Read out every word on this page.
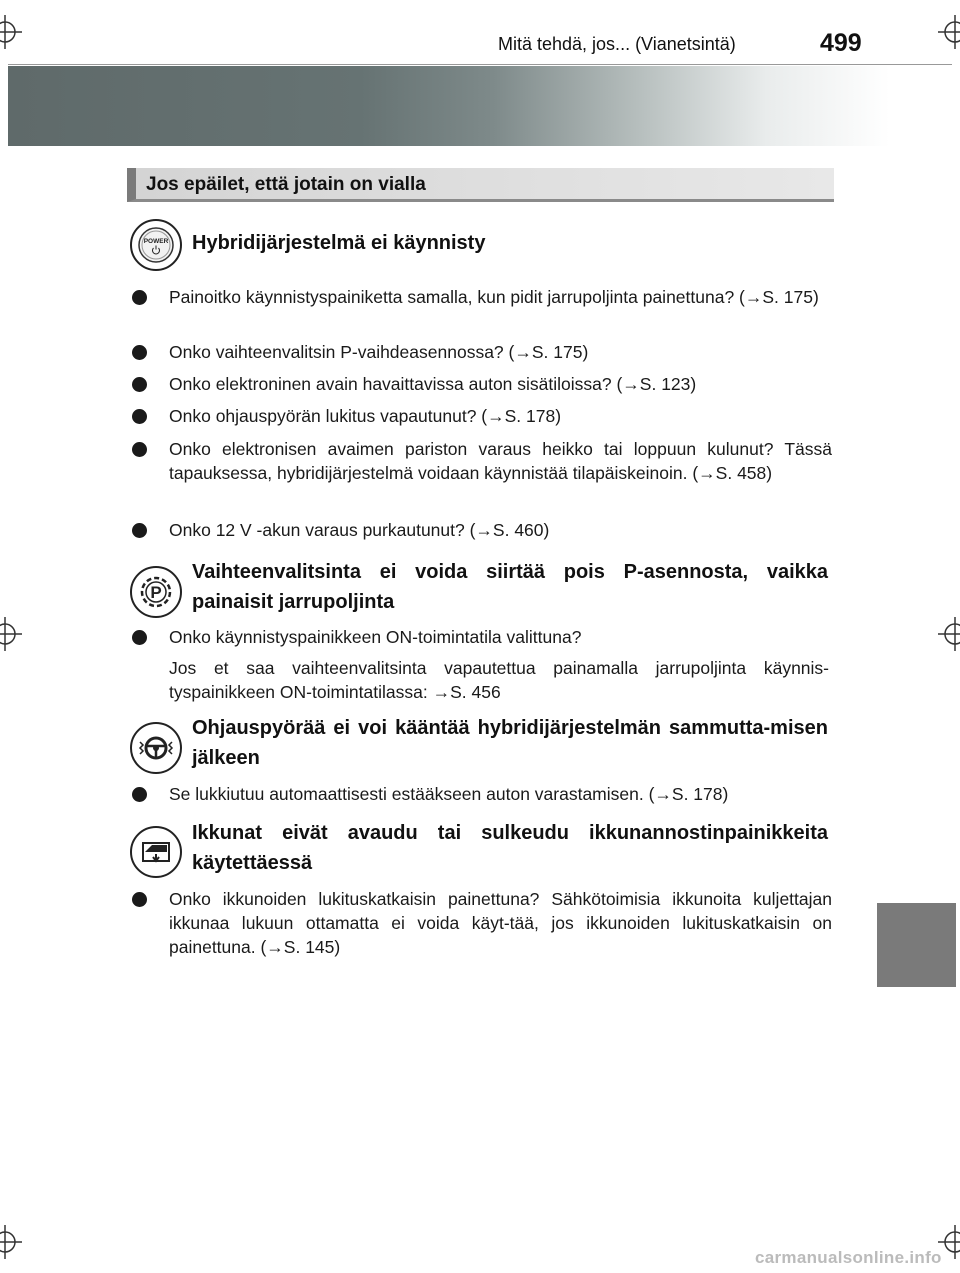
Mitä tehdä, jos... (Vianetsintä)	499
Jos epäilet, että jotain on vialla
POWER Hybridijärjestelmä ei käynnisty
Painoitko käynnistyspainiketta samalla, kun pidit jarrupoljinta painettuna? (→S. 175)
Onko vaihteenvalitsin P-vaihdeasennossa? (→S. 175)
Onko elektroninen avain havaittavissa auton sisätiloissa? (→S. 123)
Onko ohjauspyörän lukitus vapautunut? (→S. 178)
Onko elektronisen avaimen pariston varaus heikko tai loppuun kulunut? Tässä tapauksessa, hybridijärjestelmä voidaan käynnistää tilapäiskeinoin. (→S. 458)
Onko 12 V -akun varaus purkautunut? (→S. 460)
P
Vaihteenvalitsinta ei voida siirtää pois P-asennosta, vaikka painaisit jarrupoljinta
Onko käynnistyspainikkeen ON-toimintatila valittuna?
Jos et saa vaihteenvalitsinta vapautettua painamalla jarrupoljinta käynnis-tyspainikkeen ON-toimintatilassa: →S. 456
Ohjauspyörää ei voi kääntää hybridijärjestelmän sammutta-misen jälkeen
Se lukkiutuu automaattisesti estääkseen auton varastamisen. (→S. 178)
Ikkunat eivät avaudu tai sulkeudu ikkunannostinpainikkeita käytettäessä
Onko ikkunoiden lukituskatkaisin painettuna? Sähkötoimisia ikkunoita kuljettajan ikkunaa lukuun ottamatta ei voida käyt-tää, jos ikkunoiden lukituskatkaisin on painettuna. (→S. 145)
carmanualsonline.info
